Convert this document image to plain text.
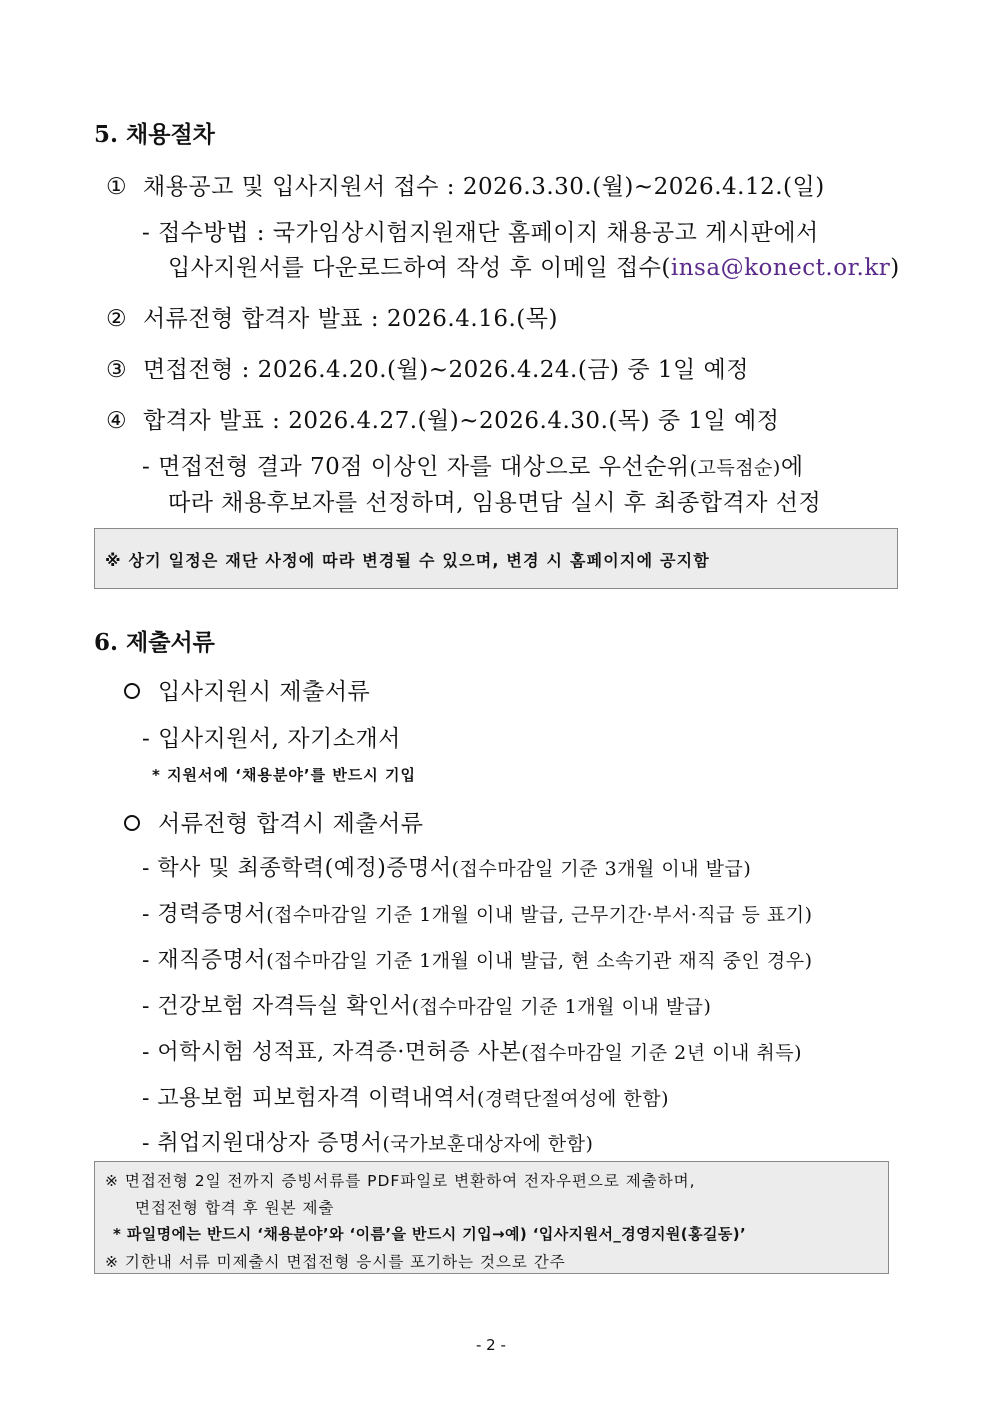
5. 채용절차
① 채용공고 및 입사지원서 접수 : 2026.3.30.(월)~2026.4.12.(일)
- 접수방법 : 국가임상시험지원재단 홈페이지 채용공고 게시판에서
입사지원서를 다운로드하여 작성 후 이메일 접수(insa@konect.or.kr)
② 서류전형 합격자 발표 : 2026.4.16.(목)
③ 면접전형 : 2026.4.20.(월)~2026.4.24.(금) 중 1일 예정
④ 합격자 발표 : 2026.4.27.(월)~2026.4.30.(목) 중 1일 예정
- 면접전형 결과 70점 이상인 자를 대상으로 우선순위(고득점순)에
따라 채용후보자를 선정하며, 임용면담 실시 후 최종합격자 선정
※ 상기 일정은 재단 사정에 따라 변경될 수 있으며, 변경 시 홈페이지에 공지함
6. 제출서류
입사지원시 제출서류
- 입사지원서, 자기소개서
* 지원서에 ‘채용분야’를 반드시 기입
서류전형 합격시 제출서류
- 학사 및 최종학력(예정)증명서(접수마감일 기준 3개월 이내 발급)
- 경력증명서(접수마감일 기준 1개월 이내 발급, 근무기간·부서·직급 등 표기)
- 재직증명서(접수마감일 기준 1개월 이내 발급, 현 소속기관 재직 중인 경우)
- 건강보험 자격득실 확인서(접수마감일 기준 1개월 이내 발급)
- 어학시험 성적표, 자격증·면허증 사본(접수마감일 기준 2년 이내 취득)
- 고용보험 피보험자격 이력내역서(경력단절여성에 한함)
- 취업지원대상자 증명서(국가보훈대상자에 한함)
※ 면접전형 2일 전까지 증빙서류를 PDF파일로 변환하여 전자우편으로 제출하며,
면접전형 합격 후 원본 제출
* 파일명에는 반드시 ‘채용분야’와 ‘이름’을 반드시 기입→예) ‘입사지원서_경영지원(홍길동)’
※ 기한내 서류 미제출시 면접전형 응시를 포기하는 것으로 간주
- 2 -
